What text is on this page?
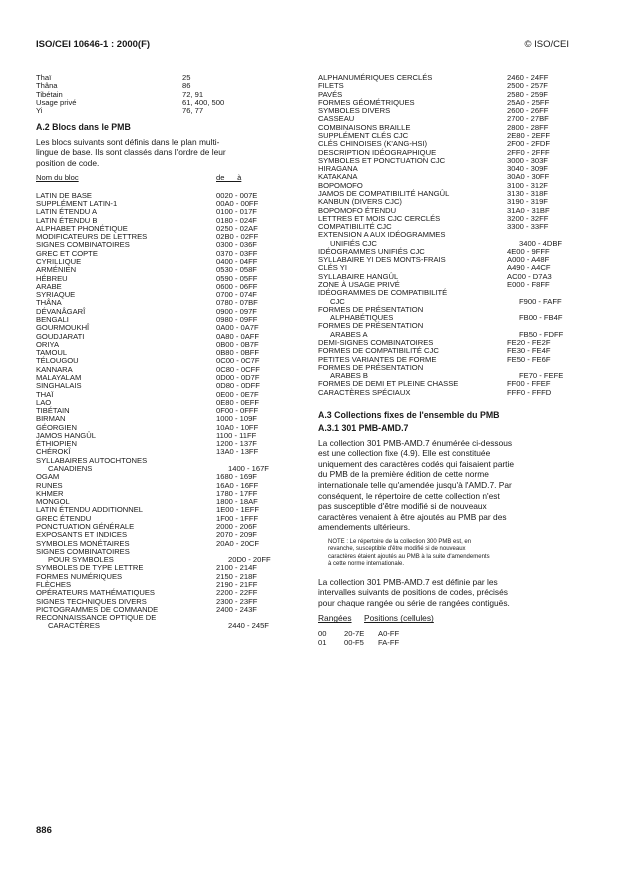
ISO/CEI 10646-1 : 2000(F)	© ISO/CEI
Thaï	25
Thâna	86
Tibétain	72, 91
Usage privé	61, 400, 500
Yi	76, 77
A.2 Blocs dans le PMB
Les blocs suivants sont définis dans le plan multi-
lingue de base. Ils sont classés dans l'ordre de leur
position de code.
Nom du bloc	de      à
LATIN DE BASE	0020 - 007E
SUPPLÉMENT LATIN-1	00A0 - 00FF
LATIN ÉTENDU A	0100 - 017F
LATIN ÉTENDU B	0180 - 024F
ALPHABET PHONÉTIQUE	0250 - 02AF
MODIFICATEURS DE LETTRES	02B0 - 02FF
SIGNES COMBINATOIRES	0300 - 036F
GREC ET COPTE	0370 - 03FF
CYRILLIQUE	0400 - 04FF
ARMÉNIEN	0530 - 058F
HÉBREU	0590 - 05FF
ARABE	0600 - 06FF
SYRIAQUE	0700 - 074F
THÂNA	0780 - 07BF
DÉVANÂGARÎ	0900 - 097F
BENGALI	0980 - 09FF
GOURMOUKHÎ	0A00 - 0A7F
GOUDJARATI	0A80 - 0AFF
ORIYA	0B00 - 0B7F
TAMOUL	0B80 - 0BFF
TÉLOUGOU	0C00 - 0C7F
KANNARA	0C80 - 0CFF
MALAYALAM	0D00 - 0D7F
SINGHALAIS	0D80 - 0DFF
THAÏ	0E00 - 0E7F
LAO	0E80 - 0EFF
TIBÉTAIN	0F00 - 0FFF
BIRMAN	1000 - 109F
GÉORGIEN	10A0 - 10FF
JAMOS HANGÛL	1100 - 11FF
ÉTHIOPIEN	1200 - 137F
CHÉROKÎ	13A0 - 13FF
SYLLABAIRES AUTOCHTONES
CANADIENS	1400 - 167F
OGAM	1680 - 169F
RUNES	16A0 - 16FF
KHMER	1780 - 17FF
MONGOL	1800 - 18AF
LATIN ÉTENDU ADDITIONNEL	1E00 - 1EFF
GREC ÉTENDU	1F00 - 1FFF
PONCTUATION GÉNÉRALE	2000 - 206F
EXPOSANTS ET INDICES	2070 - 209F
SYMBOLES MONÉTAIRES	20A0 - 20CF
SIGNES COMBINATOIRES
POUR SYMBOLES	20D0 - 20FF
SYMBOLES DE TYPE LETTRE	2100 - 214F
FORMES NUMÉRIQUES	2150 - 218F
FLÈCHES	2190 - 21FF
OPÉRATEURS MATHÉMATIQUES	2200 - 22FF
SIGNES TECHNIQUES DIVERS	2300 - 23FF
PICTOGRAMMES DE COMMANDE	2400 - 243F
RECONNAISSANCE OPTIQUE DE
CARACTÈRES	2440 - 245F
ALPHANUMÉRIQUES CERCLÉS	2460 - 24FF
FILETS	2500 - 257F
PAVÉS	2580 - 259F
FORMES GÉOMÉTRIQUES	25A0 - 25FF
SYMBOLES DIVERS	2600 - 26FF
CASSEAU	2700 - 27BF
COMBINAISONS BRAILLE	2800 - 28FF
SUPPLÉMENT CLÉS CJC	2E80 - 2EFF
CLÉS CHINOISES (K'ANG-HSI)	2F00 - 2FDF
DESCRIPTION IDÉOGRAPHIQUE	2FF0 - 2FFF
SYMBOLES ET PONCTUATION CJC	3000 - 303F
HIRAGANA	3040 - 309F
KATAKANA	30A0 - 30FF
BOPOMOFO	3100 - 312F
JAMOS DE COMPATIBILITÉ HANGÛL	3130 - 318F
KANBUN (DIVERS CJC)	3190 - 319F
BOPOMOFO ÉTENDU	31A0 - 31BF
LETTRES ET MOIS CJC CERCLÉS	3200 - 32FF
COMPATIBILITÉ CJC	3300 - 33FF
EXTENSION A AUX IDÉOGRAMMES
UNIFIÉS CJC	3400 - 4DBF
IDÉOGRAMMES UNIFIÉS CJC	4E00 - 9FFF
SYLLABAIRE YI DES MONTS-FRAIS	A000 - A48F
CLÉS YI	A490 - A4CF
SYLLABAIRE HANGÛL	AC00 - D7A3
ZONE À USAGE PRIVÉ	E000 - F8FF
IDÉOGRAMMES DE COMPATIBILITÉ
CJC	F900 - FAFF
FORMES DE PRÉSENTATION
ALPHABÉTIQUES	FB00 - FB4F
FORMES DE PRÉSENTATION
ARABES A	FB50 - FDFF
DEMI-SIGNES COMBINATOIRES	FE20 - FE2F
FORMES DE COMPATIBILITÉ CJC	FE30 - FE4F
PETITES VARIANTES DE FORME	FE50 - FE6F
FORMES DE PRÉSENTATION
ARABES B	FE70 - FEFE
FORMES DE DEMI ET PLEINE CHASSE	FF00 - FFEF
CARACTÈRES SPÉCIAUX	FFF0 - FFFD
A.3 Collections fixes de l'ensemble du PMB
A.3.1 301 PMB-AMD.7
La collection 301 PMB-AMD.7 énumérée ci-dessous
est une collection fixe (4.9). Elle est constituée
uniquement des caractères codés qui faisaient partie
du PMB de la première édition de cette norme
internationale telle qu'amendée jusqu'à l'AMD.7. Par
conséquent, le répertoire de cette collection n'est
pas susceptible d'être modifié si de nouveaux
caractères venaient à être ajoutés au PMB par des
amendements ultérieurs.
NOTE : Le répertoire de la collection 300 PMB est, en
revanche, susceptible d'être modifié si de nouveaux
caractères étaient ajoutés au PMB à la suite d'amendements
à cette norme internationale.
La collection 301 PMB-AMD.7 est définie par les
intervalles suivants de positions de codes, précisés
pour chaque rangée ou série de rangées contiguës.
Rangées	Positions (cellules)
00	20-7E	A0-FF
01	00-F5	FA-FF
886
